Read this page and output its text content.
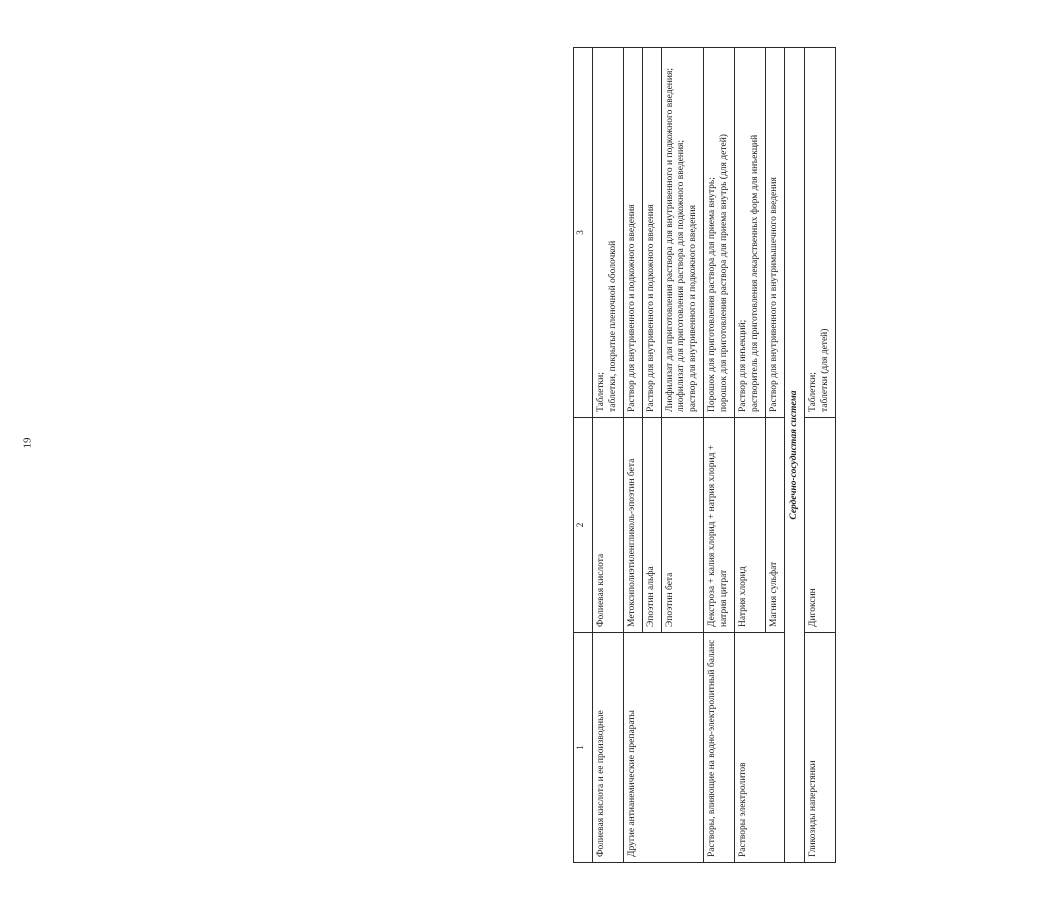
19
1	2	3
Фолиевая кислота и ее производные	Фолиевая кислота	Таблетки;
таблетки, покрытые пленочной оболочкой
Другие антианемические препараты	Метоксиполиэтиленгликоль-эпоэтин бета	Раствор для внутривенного и подкожного введения
	Эпоэтин альфа	Раствор для внутривенного и подкожного введения
	Эпоэтин бета	Лиофилизат для приготовления раствора для внутривенного и подкожного введения;
лиофилизат для приготовления раствора для подкожного введения;
раствор для внутривенного и подкожного введения
Растворы, влияющие на водно-электролитный баланс	Декстроза + калия хлорид + натрия хлорид + натрия цитрат	Порошок для приготовления раствора для приема внутрь;
порошок для приготовления раствора для приема внутрь (для детей)
Растворы электролитов	Натрия хлорид	Раствор для инъекций;
растворитель для приготовления лекарственных форм для инъекций
	Магния сульфат	Раствор для внутривенного и внутримышечного введения
Сердечно-сосудистая система		
Гликозиды наперстянки	Дигоксин	Таблетки;
таблетки (для детей)
